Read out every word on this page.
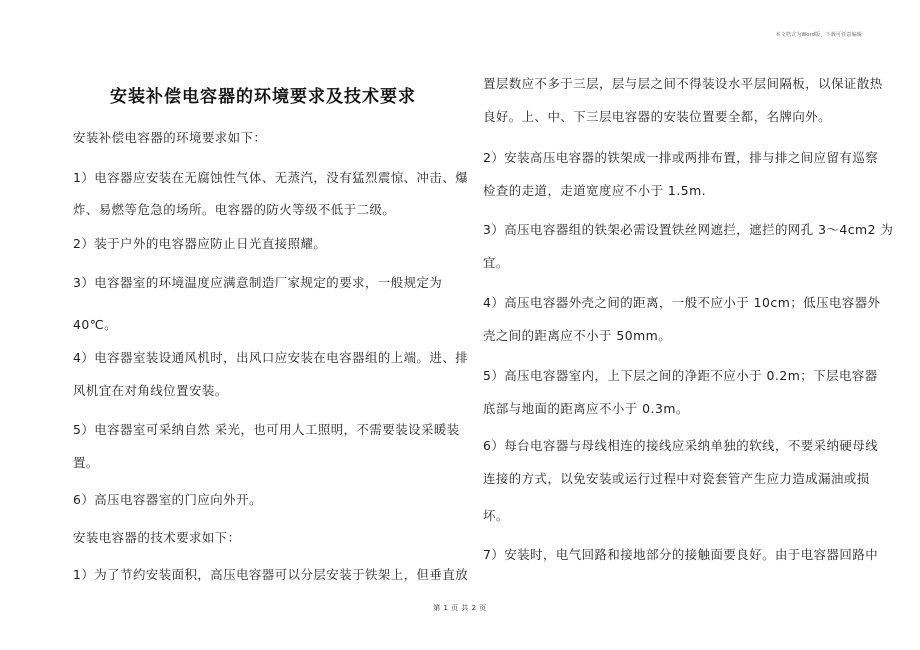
本文档式为Word版，下载可任意编辑
安装补偿电容器的环境要求及技术要求
安装补偿电容器的环境要求如下：
1）电容器应安装在无腐蚀性气体、无蒸汽，没有猛烈震惊、冲击、爆
炸、易燃等危急的场所。电容器的防火等级不低于二级。
2）装于户外的电容器应防止日光直接照耀。
3）电容器室的环境温度应满意制造厂家规定的要求，一般规定为
40℃。
4）电容器室装设通风机时，出风口应安装在电容器组的上端。进、排
风机宜在对角线位置安装。
5）电容器室可采纳自然 采光，也可用人工照明，不需要装设采暖装
置。
6）高压电容器室的门应向外开。
安装电容器的技术要求如下：
1）为了节约安装面积，高压电容器可以分层安装于铁架上，但垂直放
置层数应不多于三层，层与层之间不得装设水平层间隔板，以保证散热
良好。上、中、下三层电容器的安装位置要全都，名牌向外。
2）安装高压电容器的铁架成一排或两排布置，排与排之间应留有巡察
检查的走道，走道宽度应不小于 1.5m.
3）高压电容器组的铁架必需设置铁丝网遮拦，遮拦的网孔 3～4cm2 为
宜。
4）高压电容器外壳之间的距离，一般不应小于 10cm；低压电容器外
壳之间的距离应不小于 50mm。
5）高压电容器室内，上下层之间的净距不应小于 0.2m；下层电容器
底部与地面的距离应不小于 0.3m。
6）每台电容器与母线相连的接线应采纳单独的软线，不要采纳硬母线
连接的方式，以免安装或运行过程中对瓷套管产生应力造成漏油或损
坏。
7）安装时，电气回路和接地部分的接触面要良好。由于电容器回路中
第 1 页 共 2 页
